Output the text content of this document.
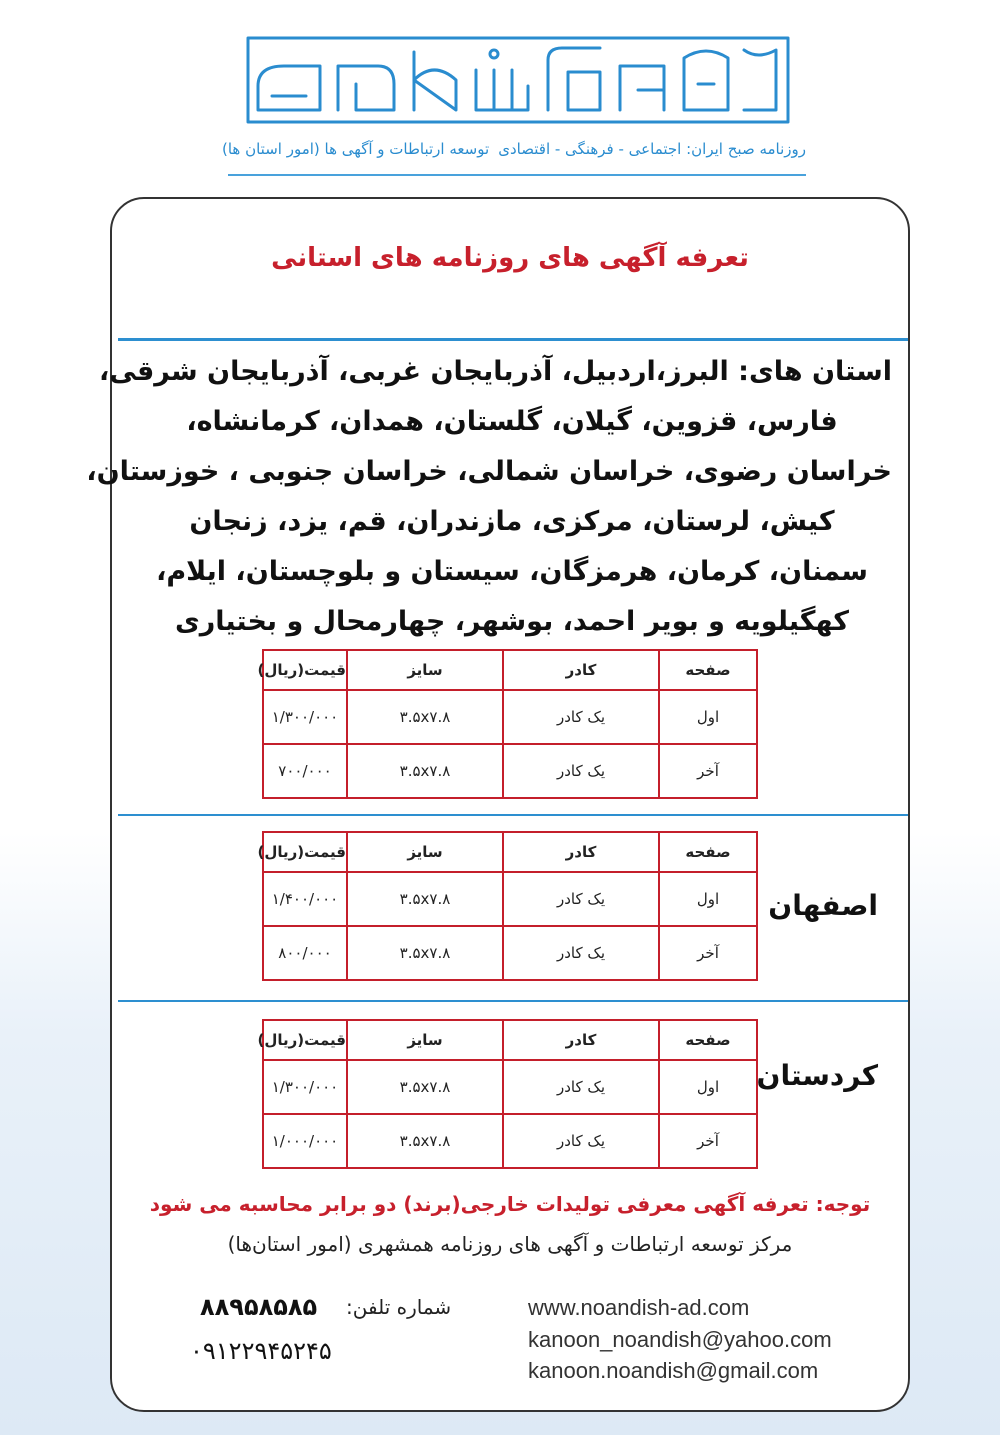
روزنامه صبح ایران: اجتماعی - فرهنگی - اقتصادی
توسعه ارتباطات و آگهی ها (امور استان ها)
تعرفه آگهی های روزنامه های استانی
استان های: البرز،اردبیل، آذربایجان غربی، آذربایجان شرقی،
فارس، قزوین، گیلان، گلستان، همدان، کرمانشاه،
خراسان رضوی، خراسان شمالی، خراسان جنوبی ، خوزستان،
کیش، لرستان، مرکزی، مازندران، قم، یزد، زنجان
سمنان، کرمان، هرمزگان، سیستان و بلوچستان، ایلام،
کهگیلویه و بویر احمد، بوشهر، چهارمحال و بختیاری
صفحه	کادر	سایز	قیمت(ریال)
اول	یک کادر	۳.۵x۷.۸	۱/۳۰۰/۰۰۰
آخر	یک کادر	۳.۵x۷.۸	۷۰۰/۰۰۰
اصفهان
صفحه	کادر	سایز	قیمت(ریال)
اول	یک کادر	۳.۵x۷.۸	۱/۴۰۰/۰۰۰
آخر	یک کادر	۳.۵x۷.۸	۸۰۰/۰۰۰
کردستان
صفحه	کادر	سایز	قیمت(ریال)
اول	یک کادر	۳.۵x۷.۸	۱/۳۰۰/۰۰۰
آخر	یک کادر	۳.۵x۷.۸	۱/۰۰۰/۰۰۰
توجه: تعرفه آگهی معرفی تولیدات خارجی(برند) دو برابر محاسبه می شود
مرکز توسعه ارتباطات و آگهی های روزنامه همشهری (امور استان‌ها)
شماره تلفن:
۸۸۹۵۸۵۸۵
۰۹۱۲۲۹۴۵۲۴۵
www.noandish-ad.com
kanoon_noandish@yahoo.com
kanoon.noandish@gmail.com
